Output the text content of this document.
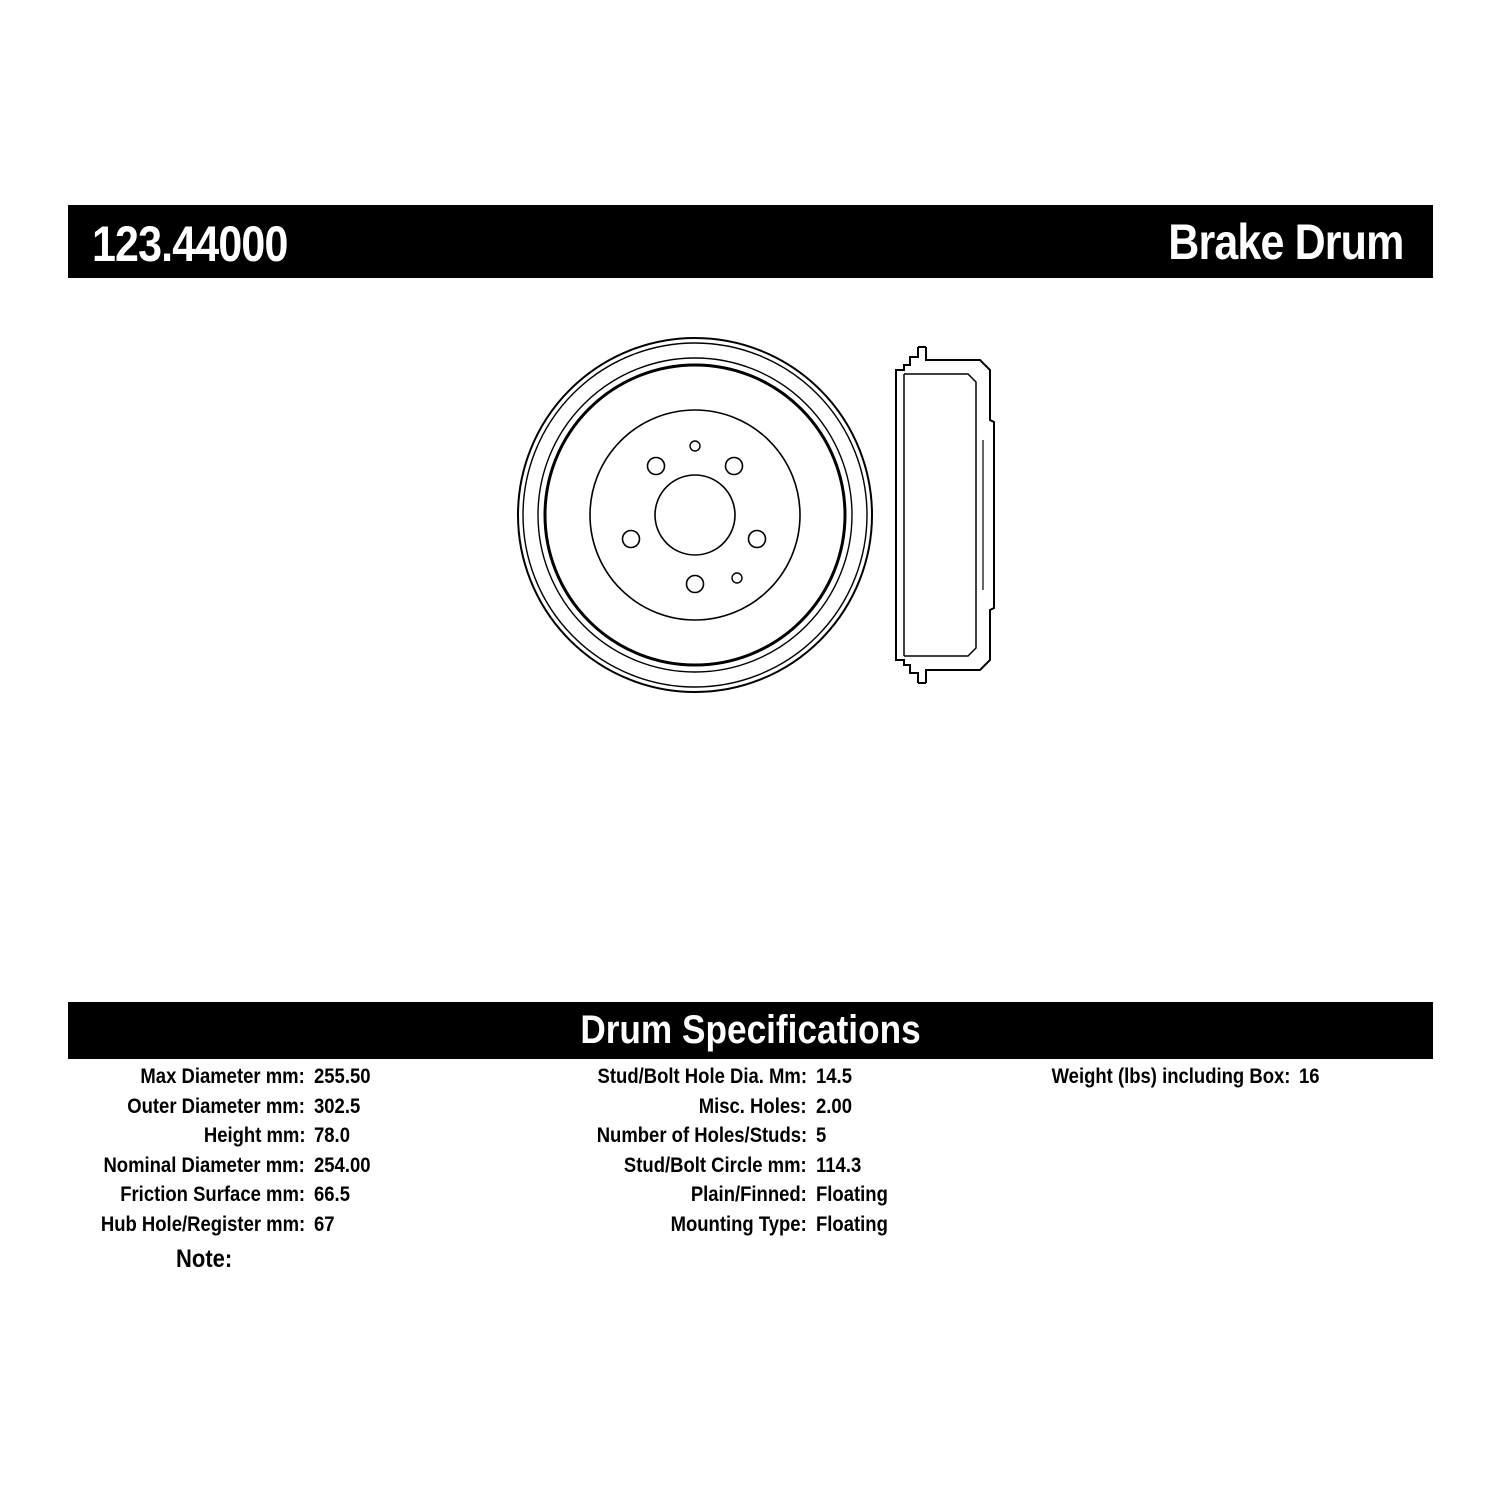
123.44000	Brake Drum
Drum Specifications
Max Diameter mm: 255.50
Outer Diameter mm: 302.5
Height mm: 78.0
Nominal Diameter mm: 254.00
Friction Surface mm: 66.5
Hub Hole/Register mm: 67
Stud/Bolt Hole Dia. Mm: 14.5
Misc. Holes: 2.00
Number of Holes/Studs: 5
Stud/Bolt Circle mm: 114.3
Plain/Finned: Floating
Mounting Type: Floating
Weight (lbs) including Box: 16
Note:
